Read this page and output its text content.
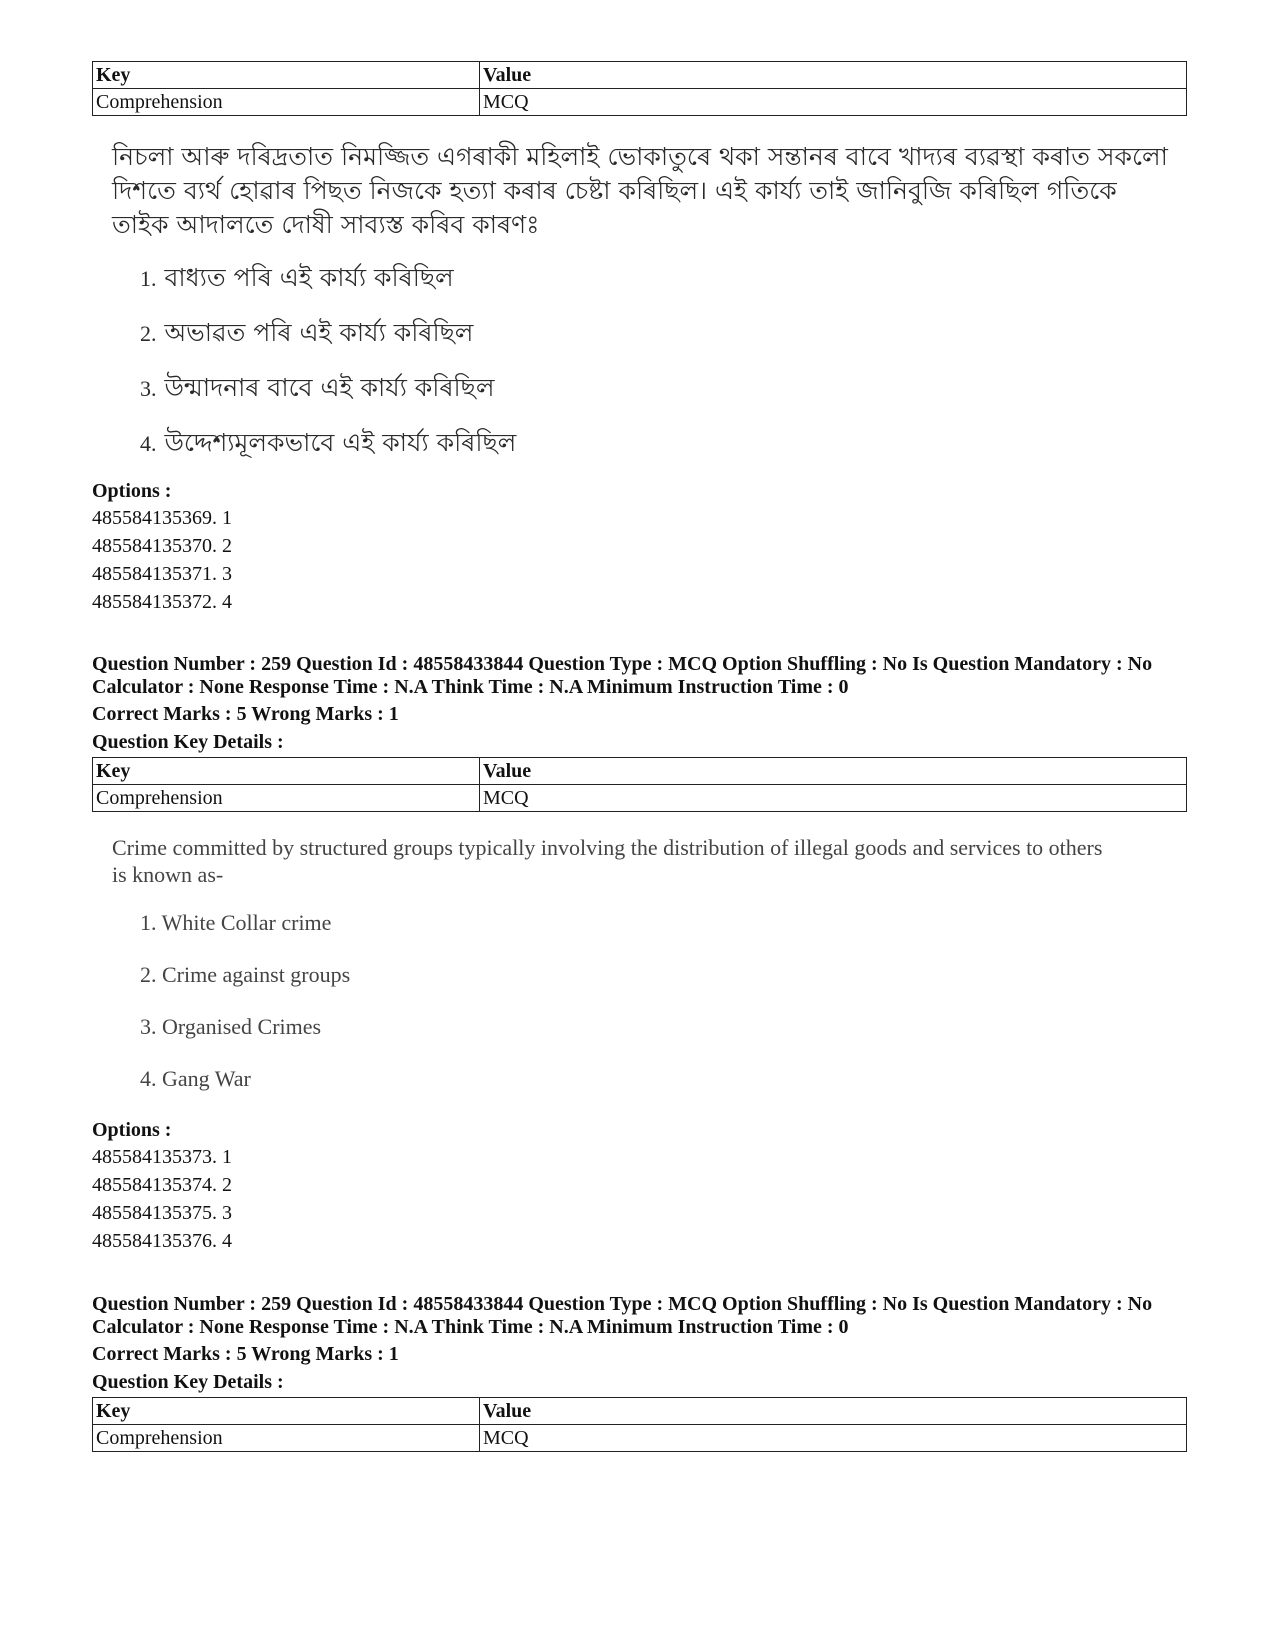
Key	Value
Comprehension	MCQ
নিচলা আৰু দৰিদ্ৰতাত নিমজ্জিত এগৰাকী মহিলাই ভোকাতুৰে থকা সন্তানৰ বাবে খাদ্যৰ ব্যৱস্থা কৰাত সকলো দিশতে ব্যৰ্থ হোৱাৰ পিছত নিজকে হত্যা কৰাৰ চেষ্টা কৰিছিল। এই কাৰ্য্য তাই জানিবুজি কৰিছিল গতিকে তাইক আদালতে দোষী সাব্যস্ত কৰিব কাৰণঃ
1. বাধ্যত পৰি এই কাৰ্য্য কৰিছিল
2. অভাৱত পৰি এই কাৰ্য্য কৰিছিল
3. উন্মাদনাৰ বাবে এই কাৰ্য্য কৰিছিল
4. উদ্দেশ্যমূলকভাবে এই কাৰ্য্য কৰিছিল
Options :
485584135369. 1
485584135370. 2
485584135371. 3
485584135372. 4
Question Number : 259 Question Id : 48558433844 Question Type : MCQ Option Shuffling : No Is Question Mandatory : No Calculator : None Response Time : N.A Think Time : N.A Minimum Instruction Time : 0
Correct Marks : 5 Wrong Marks : 1
Question Key Details :
Key	Value
Comprehension	MCQ
Crime committed by structured groups typically involving the distribution of illegal goods and services to others is known as-
1. White Collar crime
2. Crime against groups
3. Organised Crimes
4. Gang War
Options :
485584135373. 1
485584135374. 2
485584135375. 3
485584135376. 4
Question Number : 259 Question Id : 48558433844 Question Type : MCQ Option Shuffling : No Is Question Mandatory : No Calculator : None Response Time : N.A Think Time : N.A Minimum Instruction Time : 0
Correct Marks : 5 Wrong Marks : 1
Question Key Details :
Key	Value
Comprehension	MCQ
